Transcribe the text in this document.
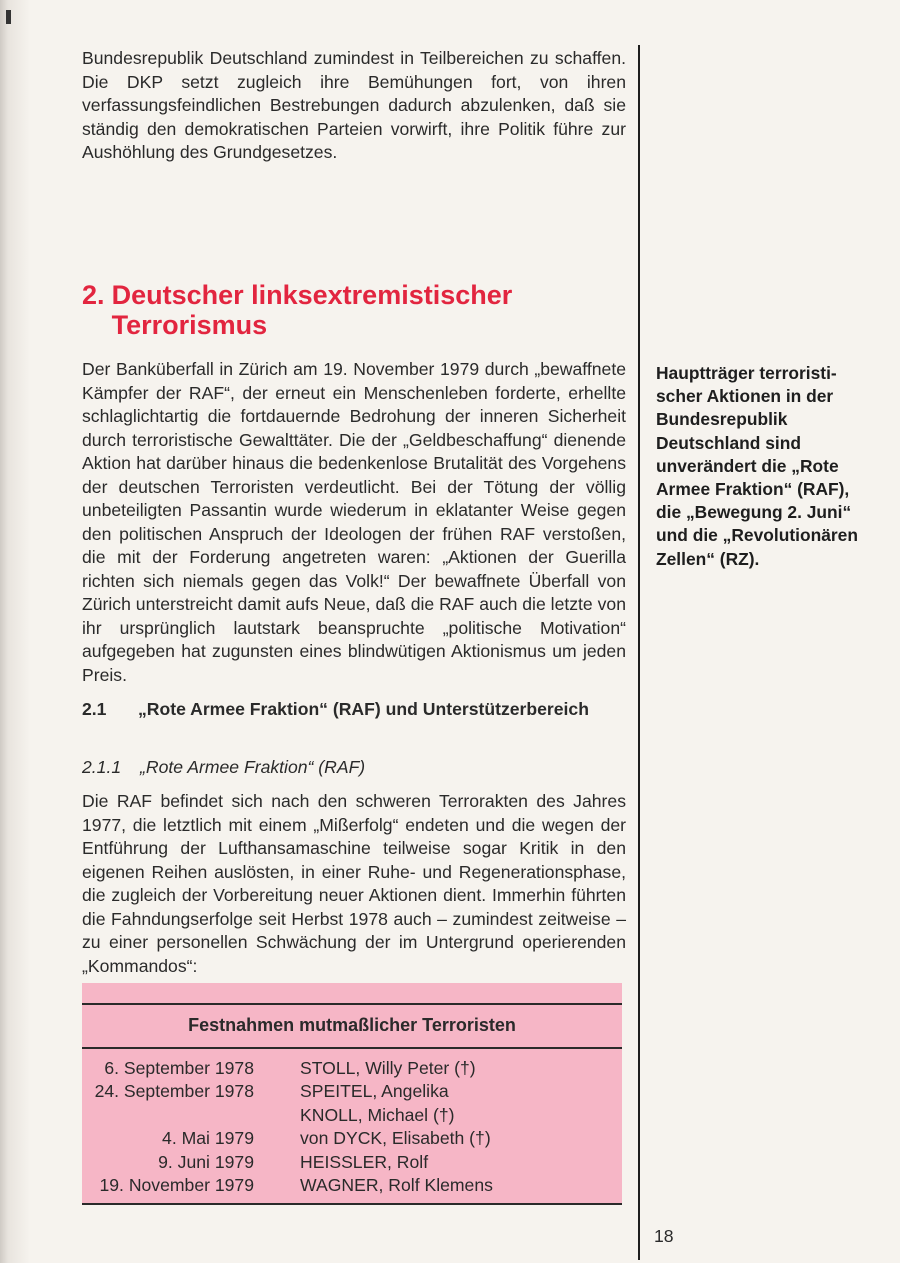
Bundesrepublik Deutschland zumindest in Teilbereichen zu schaffen. Die DKP setzt zugleich ihre Bemühungen fort, von ihren verfassungsfeindlichen Bestrebungen dadurch abzulenken, daß sie ständig den demokratischen Parteien vorwirft, ihre Politik führe zur Aushöhlung des Grundgesetzes.

2. Deutscher linksextremistischer Terrorismus

Der Banküberfall in Zürich am 19. November 1979 durch „bewaffnete Kämpfer der RAF“, der erneut ein Menschenleben forderte, erhellte schlaglichtartig die fortdauernde Bedrohung der inneren Sicherheit durch terroristische Gewalttäter. Die der „Geldbeschaffung“ dienende Aktion hat darüber hinaus die bedenkenlose Brutalität des Vorgehens der deutschen Terroristen verdeutlicht. Bei der Tötung der völlig unbeteiligten Passantin wurde wiederum in eklatanter Weise gegen den politischen Anspruch der Ideologen der frühen RAF verstoßen, die mit der Forderung angetreten waren: „Aktionen der Guerilla richten sich niemals gegen das Volk!“ Der bewaffnete Überfall von Zürich unterstreicht damit aufs Neue, daß die RAF auch die letzte von ihr ursprünglich lautstark beanspruchte „politische Motivation“ aufgegeben hat zugunsten eines blindwütigen Aktionismus um jeden Preis.

Hauptträger terroristischer Aktionen in der Bundesrepublik Deutschland sind unverändert die „Rote Armee Fraktion“ (RAF), die „Bewegung 2. Juni“ und die „Revolutionären Zellen“ (RZ).
2.1	„Rote Armee Fraktion“ (RAF) und Unterstützerbereich
2.1.1	„Rote Armee Fraktion“ (RAF)

Die RAF befindet sich nach den schweren Terrorakten des Jahres 1977, die letztlich mit einem „Mißerfolg“ endeten und die wegen der Entführung der Lufthansamaschine teilweise sogar Kritik in den eigenen Reihen auslösten, in einer Ruhe- und Regenerationsphase, die zugleich der Vorbereitung neuer Aktionen dient. Immerhin führten die Fahndungserfolge seit Herbst 1978 auch – zumindest zeitweise – zu einer personellen Schwächung der im Untergrund operierenden „Kommandos“:

Festnahmen mutmaßlicher Terroristen
6. September 1978	STOLL, Willy Peter (†)
24. September 1978	SPEITEL, Angelika
KNOLL, Michael (†)
4. Mai 1979	von DYCK, Elisabeth (†)
9. Juni 1979	HEISSLER, Rolf
19. November 1979	WAGNER, Rolf Klemens
18
